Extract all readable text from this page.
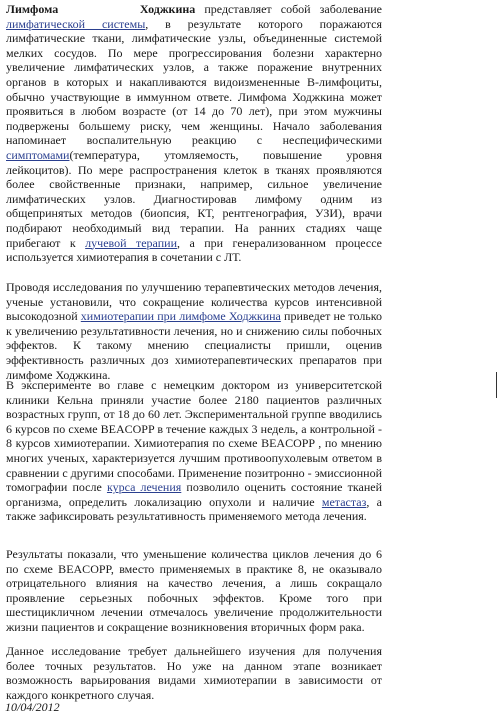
Лимфома	Ходжкина представляет собой заболевание лимфатической системы, в результате которого поражаются лимфатические ткани, лимфатические узлы, объединенные системой мелких сосудов. По мере прогрессирования болезни характерно увеличение лимфатических узлов, а также поражение внутренних органов в которых и накапливаются видоизмененные В-лимфоциты, обычно участвующие в иммунном ответе. Лимфома Ходжкина может проявиться в любом возрасте (от 14 до 70 лет), при этом мужчины подвержены большему риску, чем женщины. Начало заболевания напоминает воспалительную реакцию с неспецифическими симптомами(температура, утомляемость, повышение уровня лейкоцитов). По мере распространения клеток в тканях проявляются более свойственные признаки, например, сильное увеличение лимфатических узлов. Диагностировав лимфому одним из общепринятых методов (биопсия, КТ, рентгенография, УЗИ), врачи подбирают необходимый вид терапии. На ранних стадиях чаще прибегают к лучевой терапии, а при генерализованном процессе используется химиотерапия в сочетании с ЛТ.

Проводя исследования по улучшению терапевтических методов лечения, ученые установили, что сокращение количества курсов интенсивной высокодозной химиотерапии при лимфоме Ходжкина приведет не только к увеличению результативности лечения, но и снижению силы побочных эффектов. К такому мнению специалисты пришли, оценив эффективность различных доз химиотерапевтических препаратов при лимфоме Ходжкина.

В эксперименте во главе с немецким доктором из университетской клиники Кельна приняли участие более 2180 пациентов различных возрастных групп, от 18 до 60 лет. Экспериментальной группе вводились 6 курсов по схеме BEACOPP в течение каждых 3 недель, а контрольной - 8 курсов химиотерапии. Химиотерапия по схеме BEACOPP , по мнению многих ученых, характеризуется лучшим противоопухолевым ответом в сравнении с другими способами. Применение позитронно - эмиссионной томографии после курса лечения позволило оценить состояние тканей организма, определить локализацию опухоли и наличие метастаз, а также зафиксировать результативность применяемого метода лечения.

Результаты показали, что уменьшение количества циклов лечения до 6 по схеме BEACOPP, вместо применяемых в практике 8, не оказывало отрицательного влияния на качество лечения, а лишь сокращало проявление серьезных побочных эффектов. Кроме того при шестицикличном лечении отмечалось увеличение продолжительности жизни пациентов и сокращение возникновения вторичных форм рака.

Данное исследование требует дальнейшего изучения для получения более точных результатов. Но уже на данном этапе возникает возможность варьирования видами химиотерапии в зависимости от каждого конкретного случая.

10/04/2012
